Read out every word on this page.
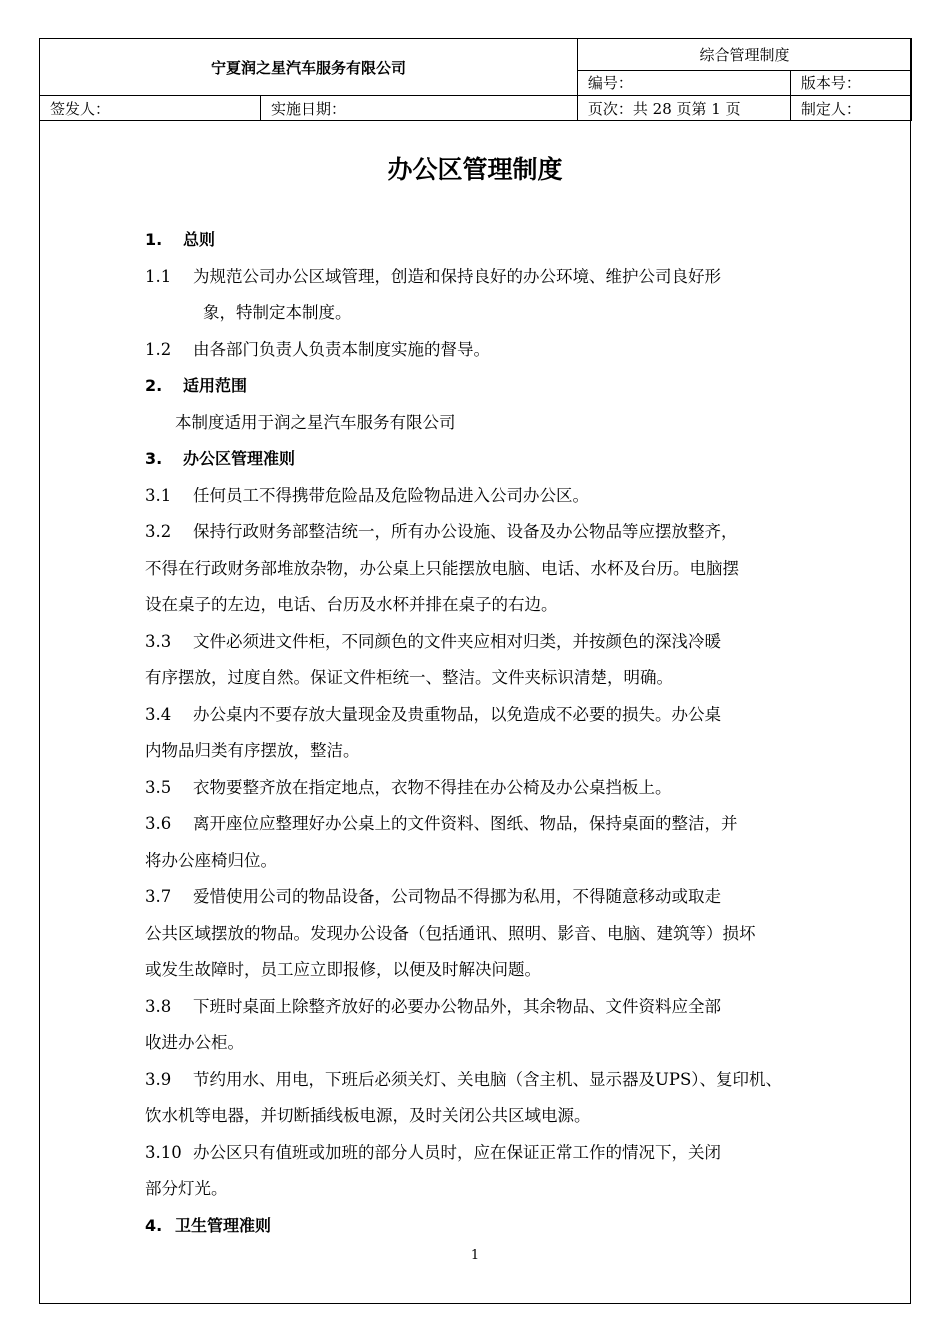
宁夏润之星汽车服务有限公司		综合管理制度	
		编号：	版本号：
签发人：	实施日期：	页次：共 28 页第 1 页	制定人：
办公区管理制度
1. 总则
1.1 为规范公司办公区域管理，创造和保持良好的办公环境、维护公司良好形
象，特制定本制度。
1.2 由各部门负责人负责本制度实施的督导。
2. 适用范围
本制度适用于润之星汽车服务有限公司
3. 办公区管理准则
3.1 任何员工不得携带危险品及危险物品进入公司办公区。
3.2 保持行政财务部整洁统一，所有办公设施、设备及办公物品等应摆放整齐，
不得在行政财务部堆放杂物，办公桌上只能摆放电脑、电话、水杯及台历。电脑摆
设在桌子的左边，电话、台历及水杯并排在桌子的右边。
3.3 文件必须进文件柜，不同颜色的文件夹应相对归类，并按颜色的深浅冷暖
有序摆放，过度自然。保证文件柜统一、整洁。文件夹标识清楚，明确。
3.4 办公桌内不要存放大量现金及贵重物品，以免造成不必要的损失。办公桌
内物品归类有序摆放，整洁。
3.5 衣物要整齐放在指定地点，衣物不得挂在办公椅及办公桌挡板上。
3.6 离开座位应整理好办公桌上的文件资料、图纸、物品，保持桌面的整洁，并
将办公座椅归位。
3.7 爱惜使用公司的物品设备，公司物品不得挪为私用，不得随意移动或取走
公共区域摆放的物品。发现办公设备（包括通讯、照明、影音、电脑、建筑等）损坏
或发生故障时，员工应立即报修，以便及时解决问题。
3.8 下班时桌面上除整齐放好的必要办公物品外，其余物品、文件资料应全部
收进办公柜。
3.9 节约用水、用电，下班后必须关灯、关电脑（含主机、显示器及UPS）、复印机、
饮水机等电器，并切断插线板电源，及时关闭公共区域电源。
3.10 办公区只有值班或加班的部分人员时，应在保证正常工作的情况下，关闭
部分灯光。
4. 卫生管理准则
1
